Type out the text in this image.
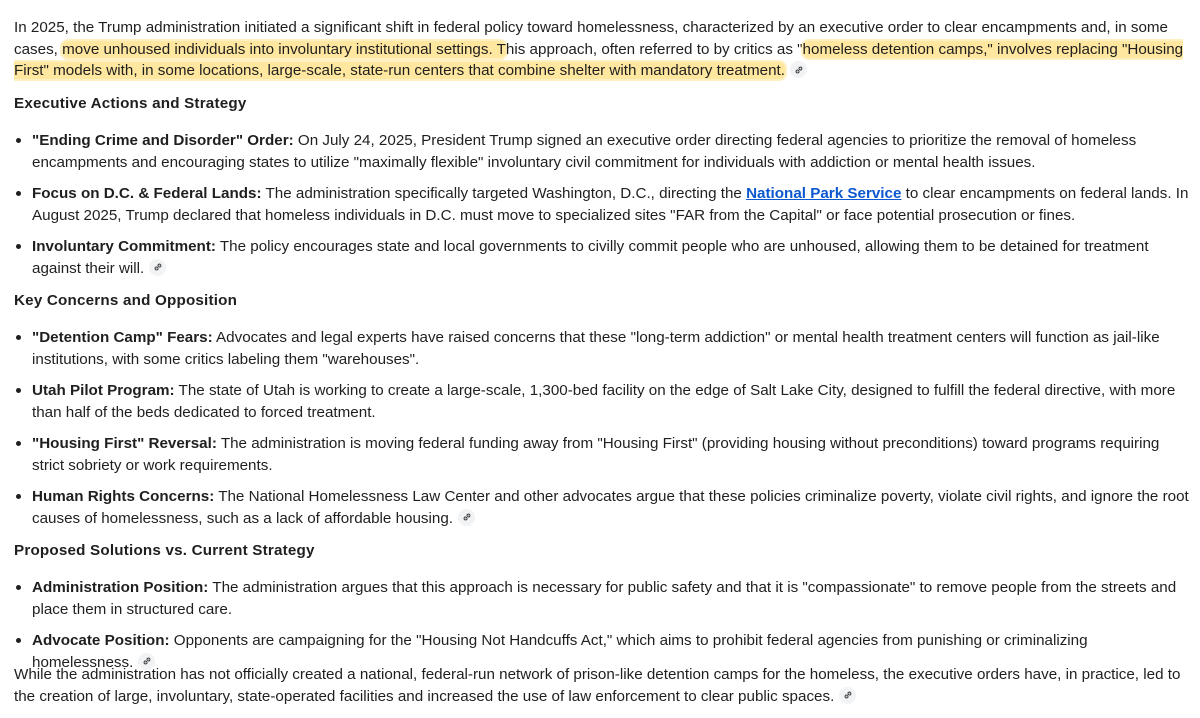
In 2025, the Trump administration initiated a significant shift in federal policy toward homelessness, characterized by an executive order to clear encampments and, in some cases, move unhoused individuals into involuntary institutional settings. This approach, often referred to by critics as "homeless detention camps," involves replacing "Housing First" models with, in some locations, large-scale, state-run centers that combine shelter with mandatory treatment.

Executive Actions and Strategy
"Ending Crime and Disorder" Order: On July 24, 2025, President Trump signed an executive order directing federal agencies to prioritize the removal of homeless encampments and encouraging states to utilize "maximally flexible" involuntary civil commitment for individuals with addiction or mental health issues.
Focus on D.C. & Federal Lands: The administration specifically targeted Washington, D.C., directing the National Park Service to clear encampments on federal lands. In August 2025, Trump declared that homeless individuals in D.C. must move to specialized sites "FAR from the Capital" or face potential prosecution or fines.
Involuntary Commitment: The policy encourages state and local governments to civilly commit people who are unhoused, allowing them to be detained for treatment against their will.
Key Concerns and Opposition
"Detention Camp" Fears: Advocates and legal experts have raised concerns that these "long-term addiction" or mental health treatment centers will function as jail-like institutions, with some critics labeling them "warehouses".
Utah Pilot Program: The state of Utah is working to create a large-scale, 1,300-bed facility on the edge of Salt Lake City, designed to fulfill the federal directive, with more than half of the beds dedicated to forced treatment.
"Housing First" Reversal: The administration is moving federal funding away from "Housing First" (providing housing without preconditions) toward programs requiring strict sobriety or work requirements.
Human Rights Concerns: The National Homelessness Law Center and other advocates argue that these policies criminalize poverty, violate civil rights, and ignore the root causes of homelessness, such as a lack of affordable housing.
Proposed Solutions vs. Current Strategy
Administration Position: The administration argues that this approach is necessary for public safety and that it is "compassionate" to remove people from the streets and place them in structured care.
Advocate Position: Opponents are campaigning for the "Housing Not Handcuffs Act," which aims to prohibit federal agencies from punishing or criminalizing homelessness.

While the administration has not officially created a national, federal-run network of prison-like detention camps for the homeless, the executive orders have, in practice, led to the creation of large, involuntary, state-operated facilities and increased the use of law enforcement to clear public spaces.
